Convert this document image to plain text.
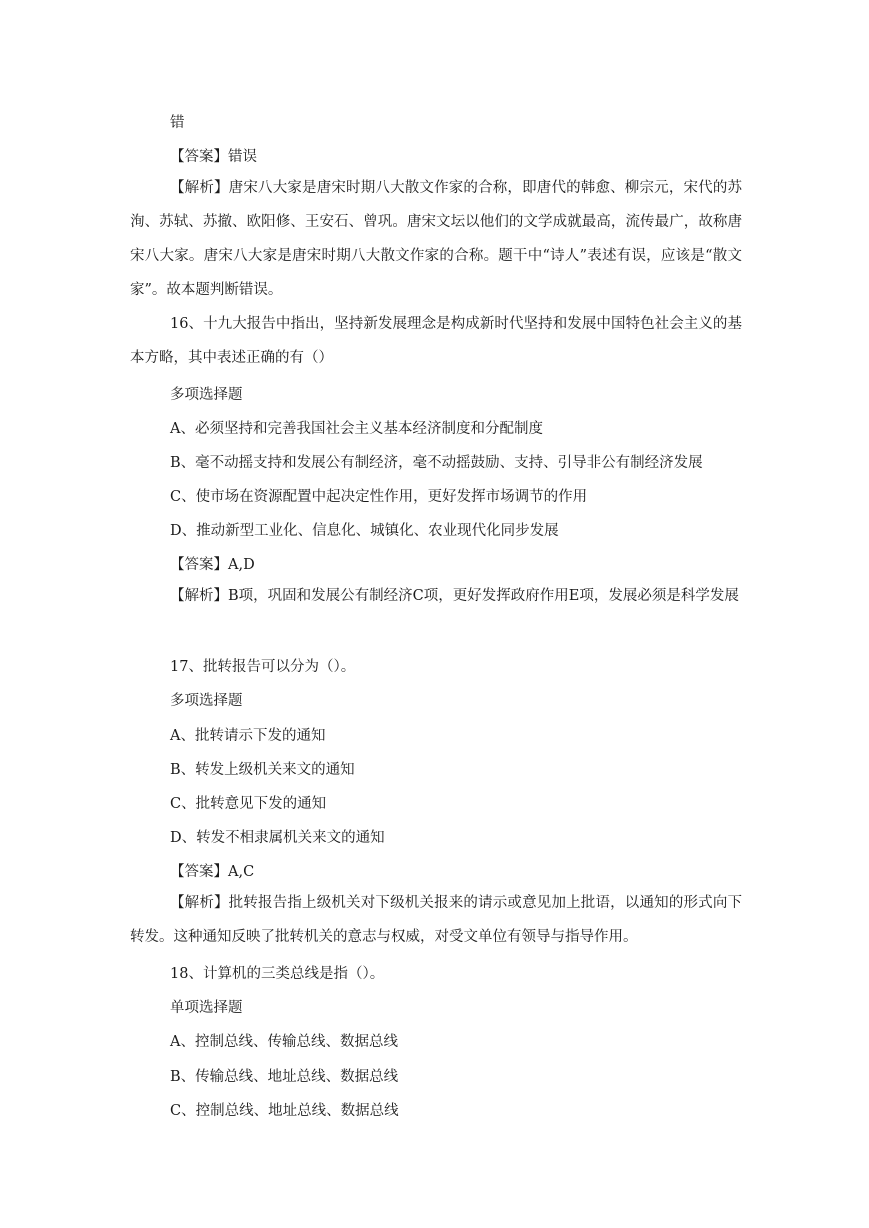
错
【答案】错误
【解析】唐宋八大家是唐宋时期八大散文作家的合称，即唐代的韩愈、柳宗元，宋代的苏洵、苏轼、苏撤、欧阳修、王安石、曾巩。唐宋文坛以他们的文学成就最高，流传最广，故称唐宋八大家。唐宋八大家是唐宋时期八大散文作家的合称。题干中“诗人”表述有误，应该是“散文家”。故本题判断错误。
16、十九大报告中指出，坚持新发展理念是构成新时代坚持和发展中国特色社会主义的基本方略，其中表述正确的有（）
多项选择题
A、必须坚持和完善我国社会主义基本经济制度和分配制度
B、毫不动摇支持和发展公有制经济，毫不动摇鼓励、支持、引导非公有制经济发展
C、使市场在资源配置中起决定性作用，更好发挥市场调节的作用
D、推动新型工业化、信息化、城镇化、农业现代化同步发展
【答案】A,D
【解析】B项，巩固和发展公有制经济C项，更好发挥政府作用E项，发展必须是科学发展
17、批转报告可以分为（）。
多项选择题
A、批转请示下发的通知
B、转发上级机关来文的通知
C、批转意见下发的通知
D、转发不相隶属机关来文的通知
【答案】A,C
【解析】批转报告指上级机关对下级机关报来的请示或意见加上批语，以通知的形式向下转发。这种通知反映了批转机关的意志与权威，对受文单位有领导与指导作用。
18、计算机的三类总线是指（）。
单项选择题
A、控制总线、传输总线、数据总线
B、传输总线、地址总线、数据总线
C、控制总线、地址总线、数据总线
